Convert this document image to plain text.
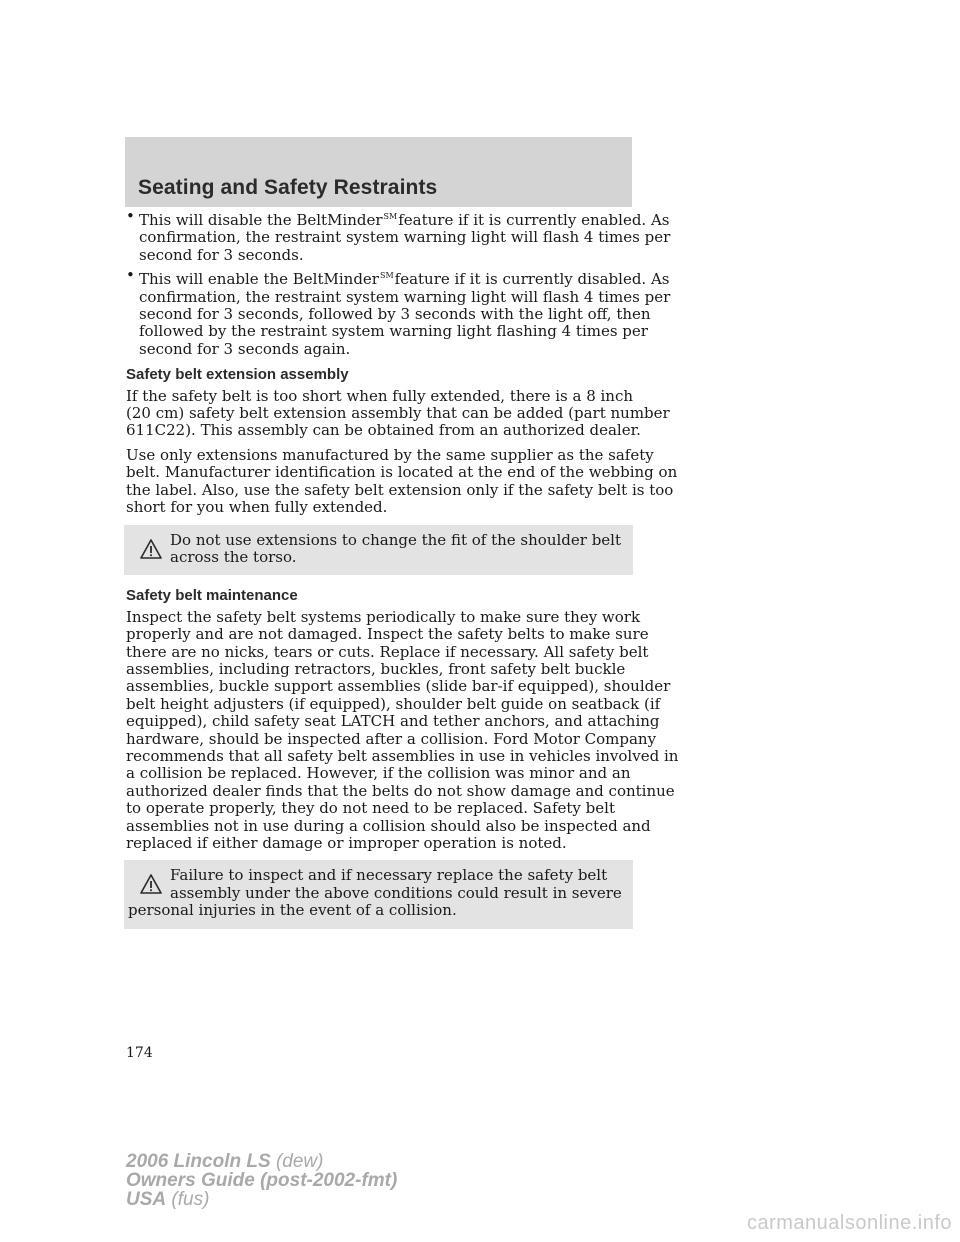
Seating and Safety Restraints
• This will disable the BeltMinder℠feature if it is currently enabled. As
confirmation, the restraint system warning light will flash 4 times per
second for 3 seconds.
• This will enable the BeltMinder℠feature if it is currently disabled. As
confirmation, the restraint system warning light will flash 4 times per
second for 3 seconds, followed by 3 seconds with the light off, then
followed by the restraint system warning light flashing 4 times per
second for 3 seconds again.
Safety belt extension assembly

If the safety belt is too short when fully extended, there is a 8 inch
(20 cm) safety belt extension assembly that can be added (part number
611C22). This assembly can be obtained from an authorized dealer.

Use only extensions manufactured by the same supplier as the safety
belt. Manufacturer identification is located at the end of the webbing on
the label. Also, use the safety belt extension only if the safety belt is too
short for you when fully extended.

Do not use extensions to change the fit of the shoulder belt
across the torso.
Safety belt maintenance

Inspect the safety belt systems periodically to make sure they work
properly and are not damaged. Inspect the safety belts to make sure
there are no nicks, tears or cuts. Replace if necessary. All safety belt
assemblies, including retractors, buckles, front safety belt buckle
assemblies, buckle support assemblies (slide bar-if equipped), shoulder
belt height adjusters (if equipped), shoulder belt guide on seatback (if
equipped), child safety seat LATCH and tether anchors, and attaching
hardware, should be inspected after a collision. Ford Motor Company
recommends that all safety belt assemblies in use in vehicles involved in
a collision be replaced. However, if the collision was minor and an
authorized dealer finds that the belts do not show damage and continue
to operate properly, they do not need to be replaced. Safety belt
assemblies not in use during a collision should also be inspected and
replaced if either damage or improper operation is noted.

Failure to inspect and if necessary replace the safety belt
assembly under the above conditions could result in severe
personal injuries in the event of a collision.

174

2006 Lincoln LS (dew)
Owners Guide (post-2002-fmt)
USA (fus)
carmanualsonline.info
